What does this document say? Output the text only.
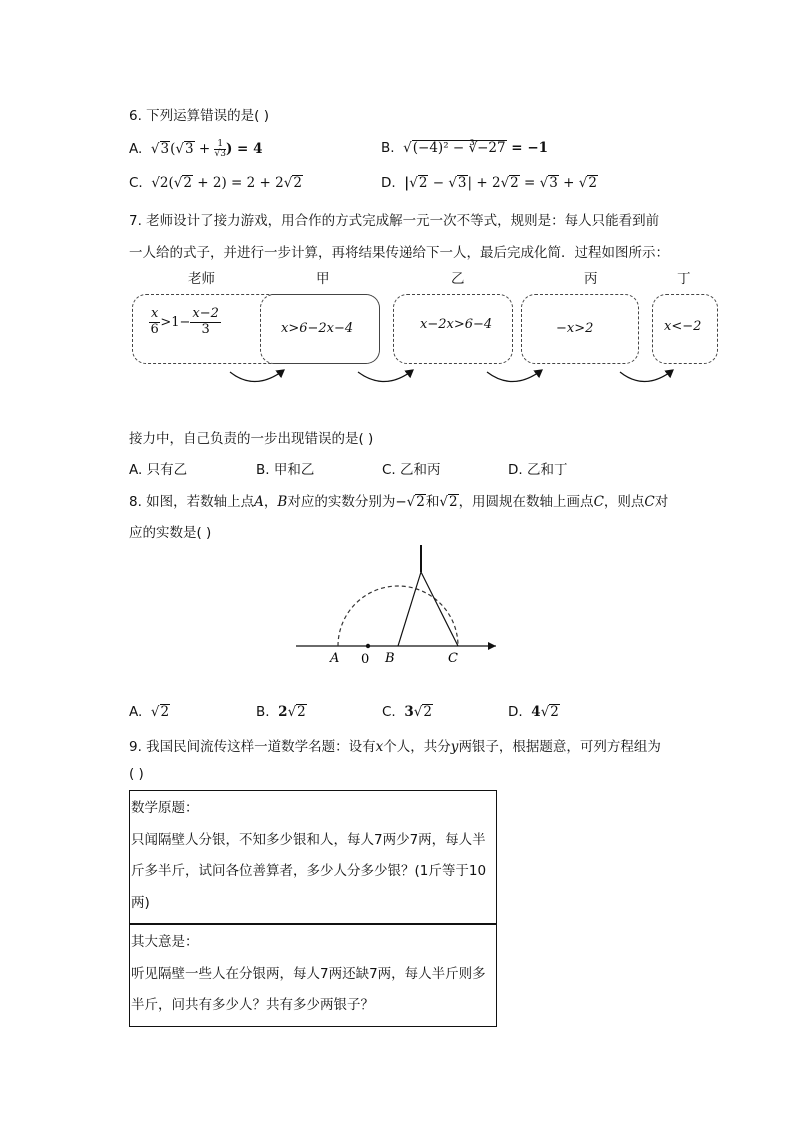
6. 下列运算错误的是( )
A. $√3(√3 + \frac{1}{√3}$ ) = 4	B. √(−4)² − ∛−27 = −1
C. √2(√2 + 2) = 2 + 2√2	D. |√2 − √3| + 2√2 = √3 + √2
7. 老师设计了接力游戏，用合作的方式完成解一元一次不等式，规则是：每人只能看到前
一人给的式子，并进行一步计算，再将结果传递给下一人，最后完成化简．过程如图所示：
老师	甲	乙	丙	丁
$\frac{x}{6} >1- \frac{x-2}{3}$	x>6−2x−4	x−2x>6−4	−x>2	x<−2
接力中，自己负责的一步出现错误的是( )
A. 只有乙	B. 甲和乙	C. 乙和丙	D. 乙和丁
8. 如图，若数轴上点A，B对应的实数分别为−√2和√2，用圆规在数轴上画点C，则点C对
应的实数是( )
A 0 B	C
A. √2	B. 2√2	C. 3√2	D. 4√2
9. 我国民间流传这样一道数学名题：设有x个人，共分y两银子，根据题意，可列方程组为
( )
数学原题：
只闻隔壁人分银，不知多少银和人，每人7两少7两，每人半斤多半斤，试问各位善算者，多少人分多少银？(1斤等于10两)
其大意是：
听见隔壁一些人在分银两，每人7两还缺7两，每人半斤则多半斤，问共有多少人？共有多少两银子？
